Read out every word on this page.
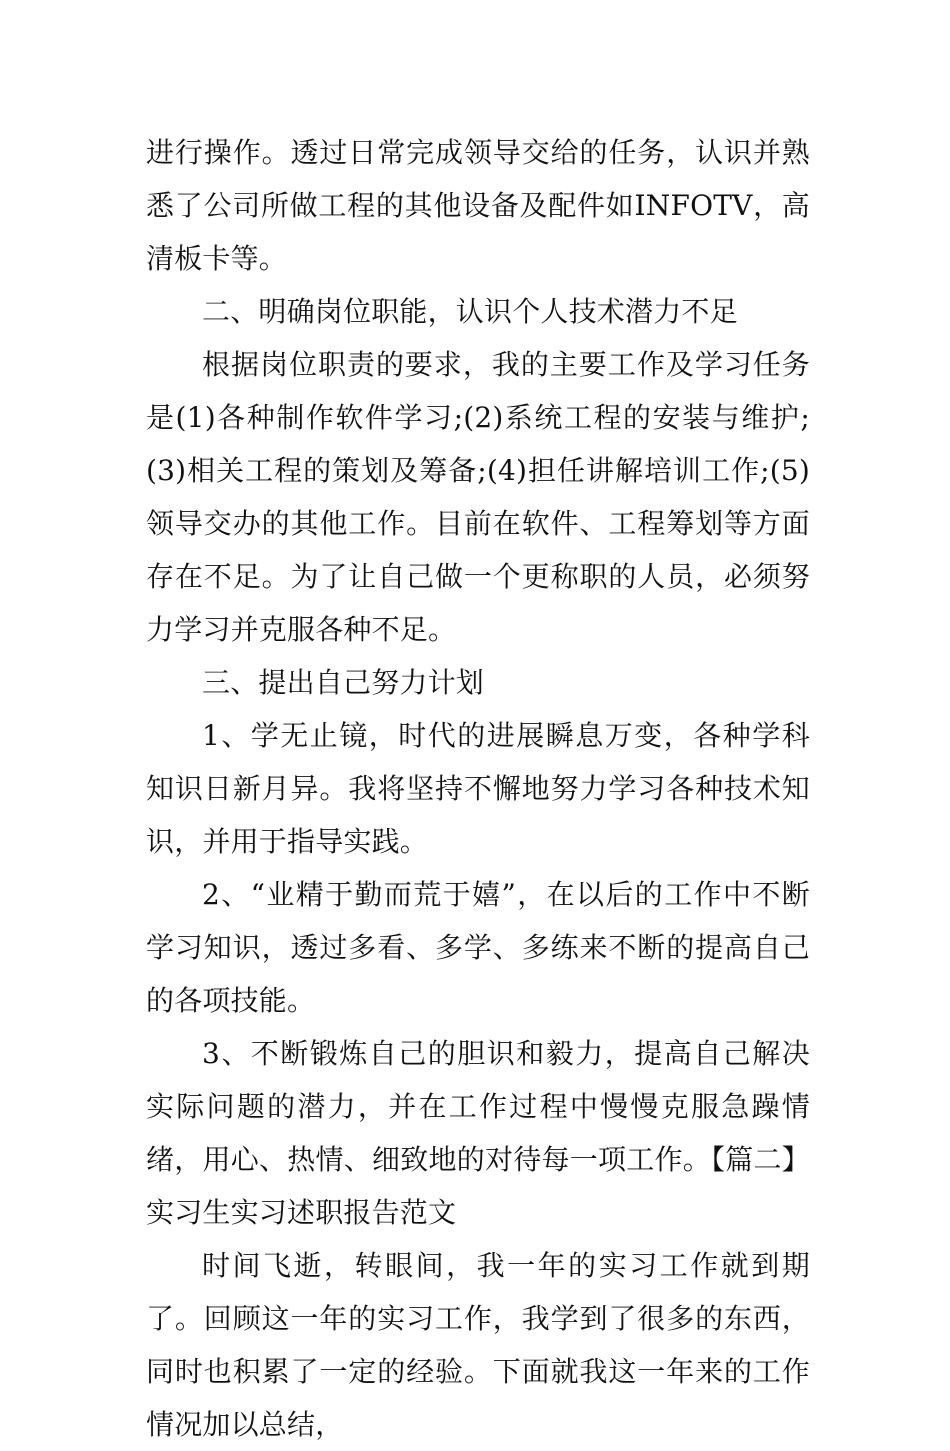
进行操作。透过日常完成领导交给的任务，认识并熟悉了公司所做工程的其他设备及配件如INFOTV，高清板卡等。

二、明确岗位职能，认识个人技术潜力不足

根据岗位职责的要求，我的主要工作及学习任务是(1)各种制作软件学习;(2)系统工程的安装与维护;(3)相关工程的策划及筹备;(4)担任讲解培训工作;(5)领导交办的其他工作。目前在软件、工程筹划等方面存在不足。为了让自己做一个更称职的人员，必须努力学习并克服各种不足。

三、提出自己努力计划

1、学无止镜，时代的进展瞬息万变，各种学科知识日新月异。我将坚持不懈地努力学习各种技术知识，并用于指导实践。

2、“业精于勤而荒于嬉”，在以后的工作中不断学习知识，透过多看、多学、多练来不断的提高自己的各项技能。

3、不断锻炼自己的胆识和毅力，提高自己解决实际问题的潜力，并在工作过程中慢慢克服急躁情绪，用心、热情、细致地的对待每一项工作。【篇二】实习生实习述职报告范文

时间飞逝，转眼间，我一年的实习工作就到期了。回顾这一年的实习工作，我学到了很多的东西，同时也积累了一定的经验。下面就我这一年来的工作情况加以总结，
